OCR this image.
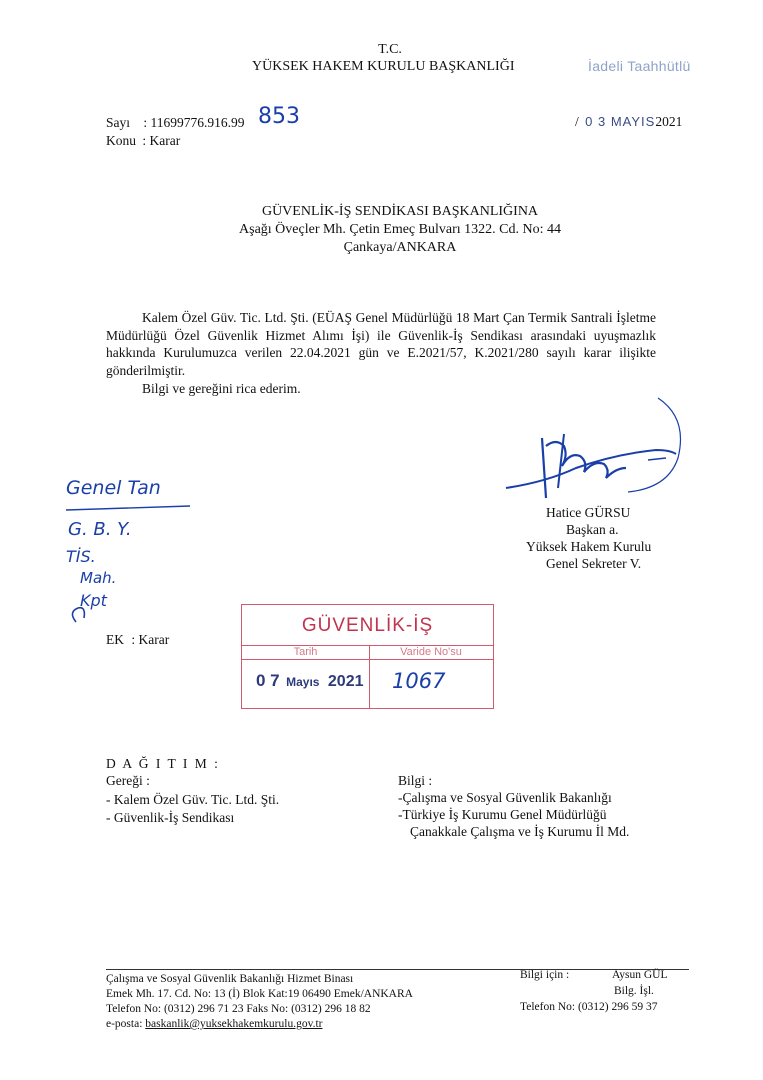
T.C.
YÜKSEK HAKEM KURULU BAŞKANLIĞI	İadeli Taahhütlü
Sayı : 11699776.916.99 853	/ 0 3 MAYIS2021
Konu : Karar
GÜVENLİK-İŞ SENDİKASI BAŞKANLIĞINA
Aşağı Öveçler Mh. Çetin Emeç Bulvarı 1322. Cd. No: 44
Çankaya/ANKARA
Kalem Özel Güv. Tic. Ltd. Şti. (EÜAŞ Genel Müdürlüğü 18 Mart Çan Termik Santrali İşletme Müdürlüğü Özel Güvenlik Hizmet Alımı İşi) ile Güvenlik-İş Sendikası arasındaki uyuşmazlık hakkında Kurulumuzca verilen 22.04.2021 gün ve E.2021/57, K.2021/280 sayılı karar ilişikte gönderilmiştir.
Bilgi ve gereğini rica ederim.
Genel Tan
G. B. Y.
TİS.
Mah.
Kpt
Hatice GÜRSU
Başkan a.
Yüksek Hakem Kurulu
Genel Sekreter V.
EK : Karar
GÜVENLİK-İŞ
Tarih	Varide No'su
0 7 Mayıs 2021 1067
D A Ğ I T I M :
Gereği :
- Kalem Özel Güv. Tic. Ltd. Şti.
- Güvenlik-İş Sendikası
Bilgi :
-Çalışma ve Sosyal Güvenlik Bakanlığı
-Türkiye İş Kurumu Genel Müdürlüğü
Çanakkale Çalışma ve İş Kurumu İl Md.
Çalışma ve Sosyal Güvenlik Bakanlığı Hizmet Binası
Emek Mh. 17. Cd. No: 13 (İ) Blok Kat:19 06490 Emek/ANKARA
Telefon No: (0312) 296 71 23 Faks No: (0312) 296 18 82
e-posta: baskanlik@yuksekhakemkurulu.gov.tr
Bilgi için :	Aysun GÜL
Bilg. İşl.
Telefon No: (0312) 296 59 37
